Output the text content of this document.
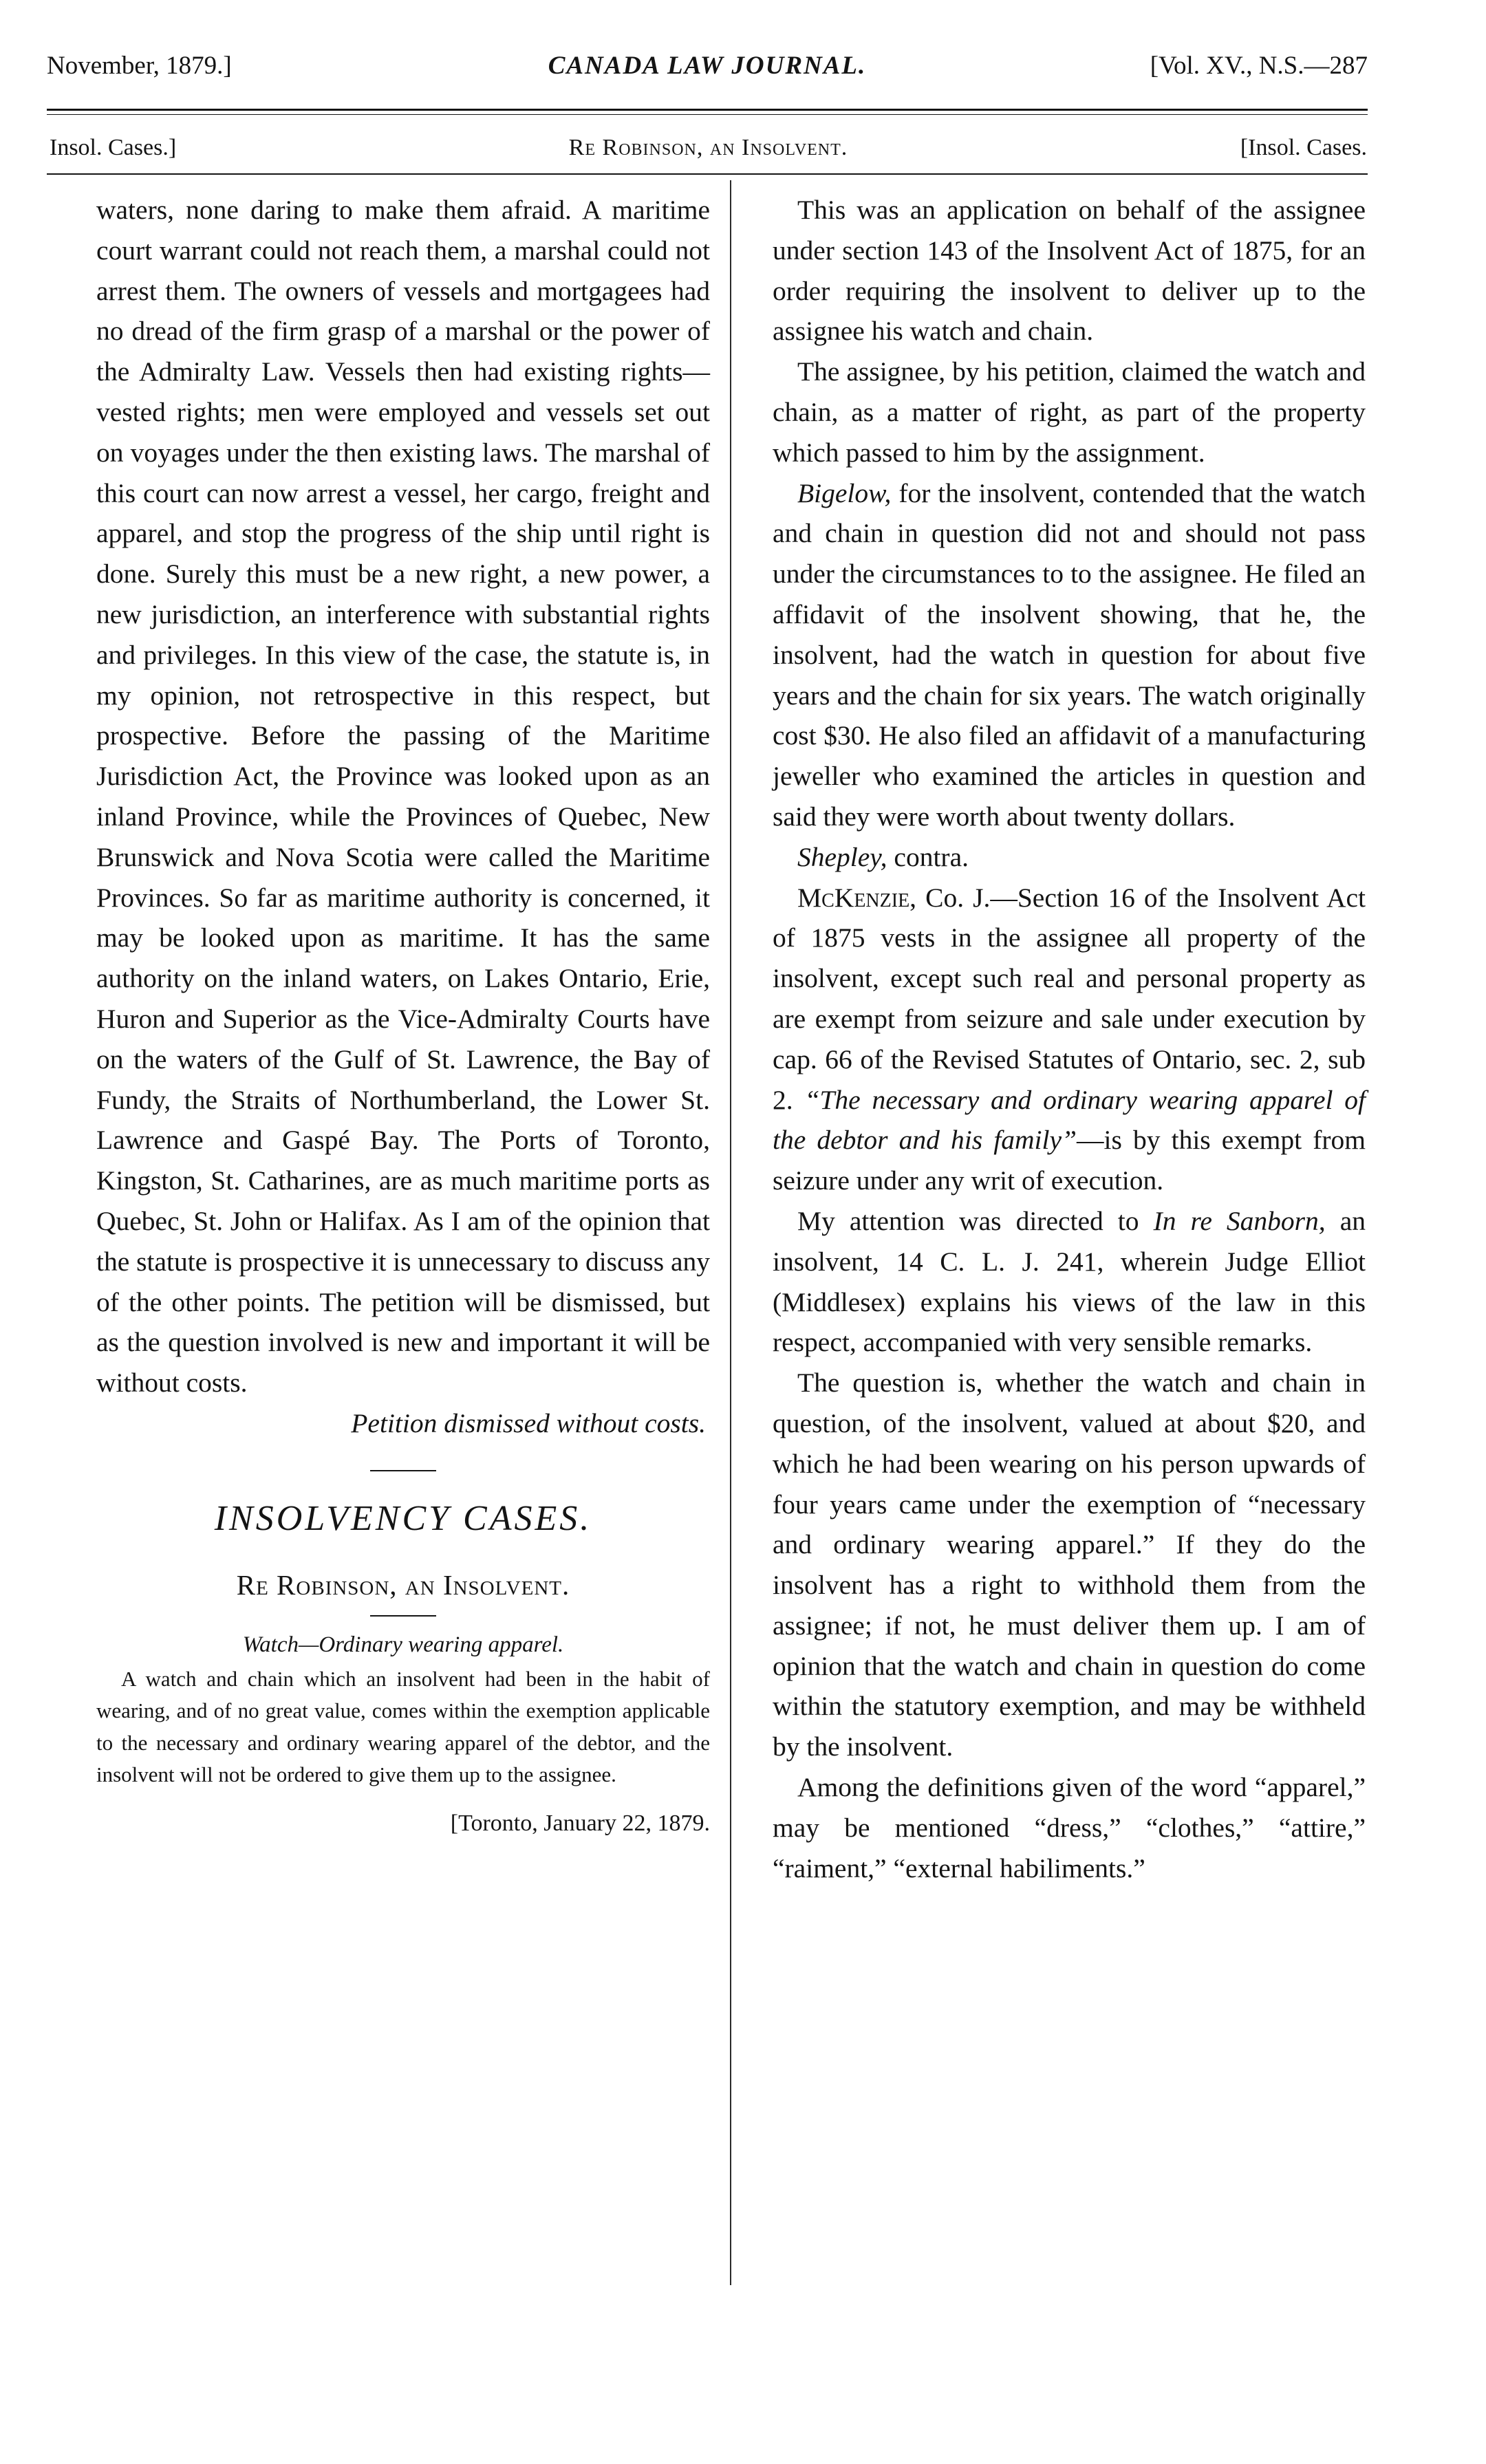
November, 1879.]	CANADA LAW JOURNAL.	[Vol. XV., N.S.—287
Insol. Cases.]	Re Robinson, an Insolvent.	[Insol. Cases.

waters, none daring to make them afraid. A maritime court warrant could not reach them, a marshal could not arrest them. The owners of vessels and mortgagees had no dread of the firm grasp of a marshal or the power of the Admiralty Law. Vessels then had existing rights—vested rights; men were employed and vessels set out on voyages under the then existing laws. The marshal of this court can now arrest a vessel, her cargo, freight and apparel, and stop the progress of the ship until right is done. Surely this must be a new right, a new power, a new jurisdiction, an interference with substantial rights and privileges. In this view of the case, the statute is, in my opinion, not retrospective in this respect, but prospective. Before the passing of the Maritime Jurisdiction Act, the Province was looked upon as an inland Province, while the Provinces of Quebec, New Brunswick and Nova Scotia were called the Maritime Provinces. So far as maritime authority is concerned, it may be looked upon as maritime. It has the same authority on the inland waters, on Lakes Ontario, Erie, Huron and Superior as the Vice-Admiralty Courts have on the waters of the Gulf of St. Lawrence, the Bay of Fundy, the Straits of Northumberland, the Lower St. Lawrence and Gaspé Bay. The Ports of Toronto, Kingston, St. Catharines, are as much maritime ports as Quebec, St. John or Halifax. As I am of the opinion that the statute is prospective it is unnecessary to discuss any of the other points. The petition will be dismissed, but as the question involved is new and important it will be without costs.

Petition dismissed without costs.

INSOLVENCY CASES.

Re Robinson, an Insolvent.

Watch—Ordinary wearing apparel.

A watch and chain which an insolvent had been in the habit of wearing, and of no great value, comes within the exemption applicable to the necessary and ordinary wearing apparel of the debtor, and the insolvent will not be ordered to give them up to the assignee.

[Toronto, January 22, 1879.

This was an application on behalf of the assignee under section 143 of the Insolvent Act of 1875, for an order requiring the insolvent to deliver up to the assignee his watch and chain.

The assignee, by his petition, claimed the watch and chain, as a matter of right, as part of the property which passed to him by the assignment.

Bigelow, for the insolvent, contended that the watch and chain in question did not and should not pass under the circumstances to to the assignee. He filed an affidavit of the insolvent showing, that he, the insolvent, had the watch in question for about five years and the chain for six years. The watch originally cost $30. He also filed an affidavit of a manufacturing jeweller who examined the articles in question and said they were worth about twenty dollars.

Shepley, contra.

McKenzie, Co. J.—Section 16 of the Insolvent Act of 1875 vests in the assignee all property of the insolvent, except such real and personal property as are exempt from seizure and sale under execution by cap. 66 of the Revised Statutes of Ontario, sec. 2, sub 2. “The necessary and ordinary wearing apparel of the debtor and his family”—is by this exempt from seizure under any writ of execution.

My attention was directed to In re Sanborn, an insolvent, 14 C. L. J. 241, wherein Judge Elliot (Middlesex) explains his views of the law in this respect, accompanied with very sensible remarks.

The question is, whether the watch and chain in question, of the insolvent, valued at about $20, and which he had been wearing on his person upwards of four years came under the exemption of “necessary and ordinary wearing apparel.” If they do the insolvent has a right to withhold them from the assignee; if not, he must deliver them up. I am of opinion that the watch and chain in question do come within the statutory exemption, and may be withheld by the insolvent.

Among the definitions given of the word “apparel,” may be mentioned “dress,” “clothes,” “attire,” “raiment,” “external habiliments.”
